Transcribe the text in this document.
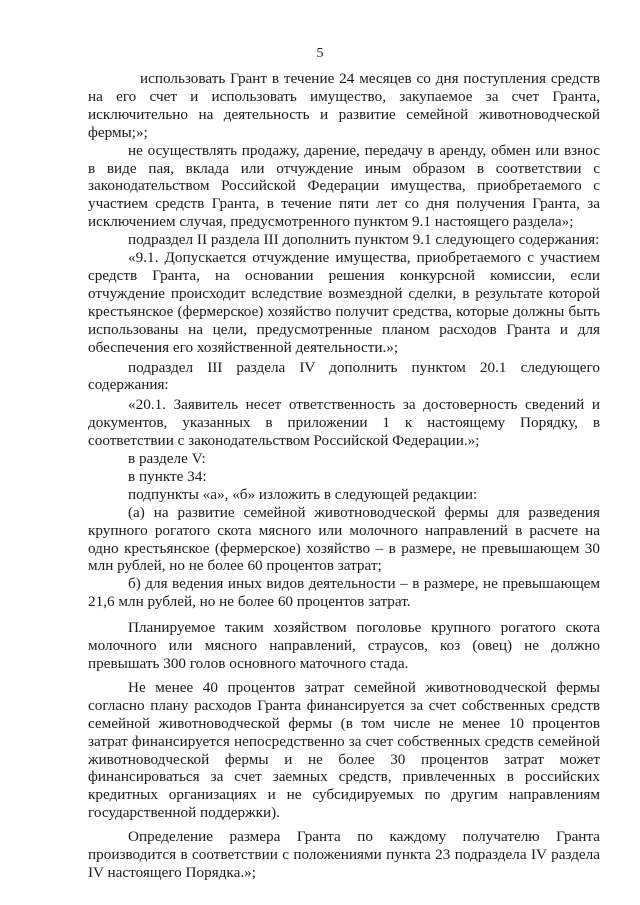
5

использовать Грант в течение 24 месяцев со дня поступления средств на его счет и использовать имущество, закупаемое за счет Гранта, исключительно на деятельность и развитие семейной животноводческой фермы;»;

не осуществлять продажу, дарение, передачу в аренду, обмен или взнос в виде пая, вклада или отчуждение иным образом в соответствии с законодательством Российской Федерации имущества, приобретаемого с участием средств Гранта, в течение пяти лет со дня получения Гранта, за исключением случая, предусмотренного пунктом 9.1 настоящего раздела»;

подраздел II раздела III дополнить пунктом 9.1 следующего содержания:

«9.1. Допускается отчуждение имущества, приобретаемого с участием средств Гранта, на основании решения конкурсной комиссии, если отчуждение происходит вследствие возмездной сделки, в результате которой крестьянское (фермерское) хозяйство получит средства, которые должны быть использованы на цели, предусмотренные планом расходов Гранта и для обеспечения его хозяйственной деятельности.»;

подраздел III раздела IV дополнить пунктом 20.1 следующего содержания:

«20.1. Заявитель несет ответственность за достоверность сведений и документов, указанных в приложении 1 к настоящему Порядку, в соответствии с законодательством Российской Федерации.»;

в разделе V:

в пункте 34:

подпункты «а», «б» изложить в следующей редакции:

(а) на развитие семейной животноводческой фермы для разведения крупного рогатого скота мясного или молочного направлений в расчете на одно крестьянское (фермерское) хозяйство – в размере, не превышающем 30 млн рублей, но не более 60 процентов затрат;

б) для ведения иных видов деятельности – в размере, не превышающем 21,6 млн рублей, но не более 60 процентов затрат.

Планируемое таким хозяйством поголовье крупного рогатого скота молочного или мясного направлений, страусов, коз (овец) не должно превышать 300 голов основного маточного стада.

Не менее 40 процентов затрат семейной животноводческой фермы согласно плану расходов Гранта финансируется за счет собственных средств семейной животноводческой фермы (в том числе не менее 10 процентов затрат финансируется непосредственно за счет собственных средств семейной животноводческой фермы и не более 30 процентов затрат может финансироваться за счет заемных средств, привлеченных в российских кредитных организациях и не субсидируемых по другим направлениям государственной поддержки).

Определение размера Гранта по каждому получателю Гранта производится в соответствии с положениями пункта 23 подраздела IV раздела IV настоящего Порядка.»;
